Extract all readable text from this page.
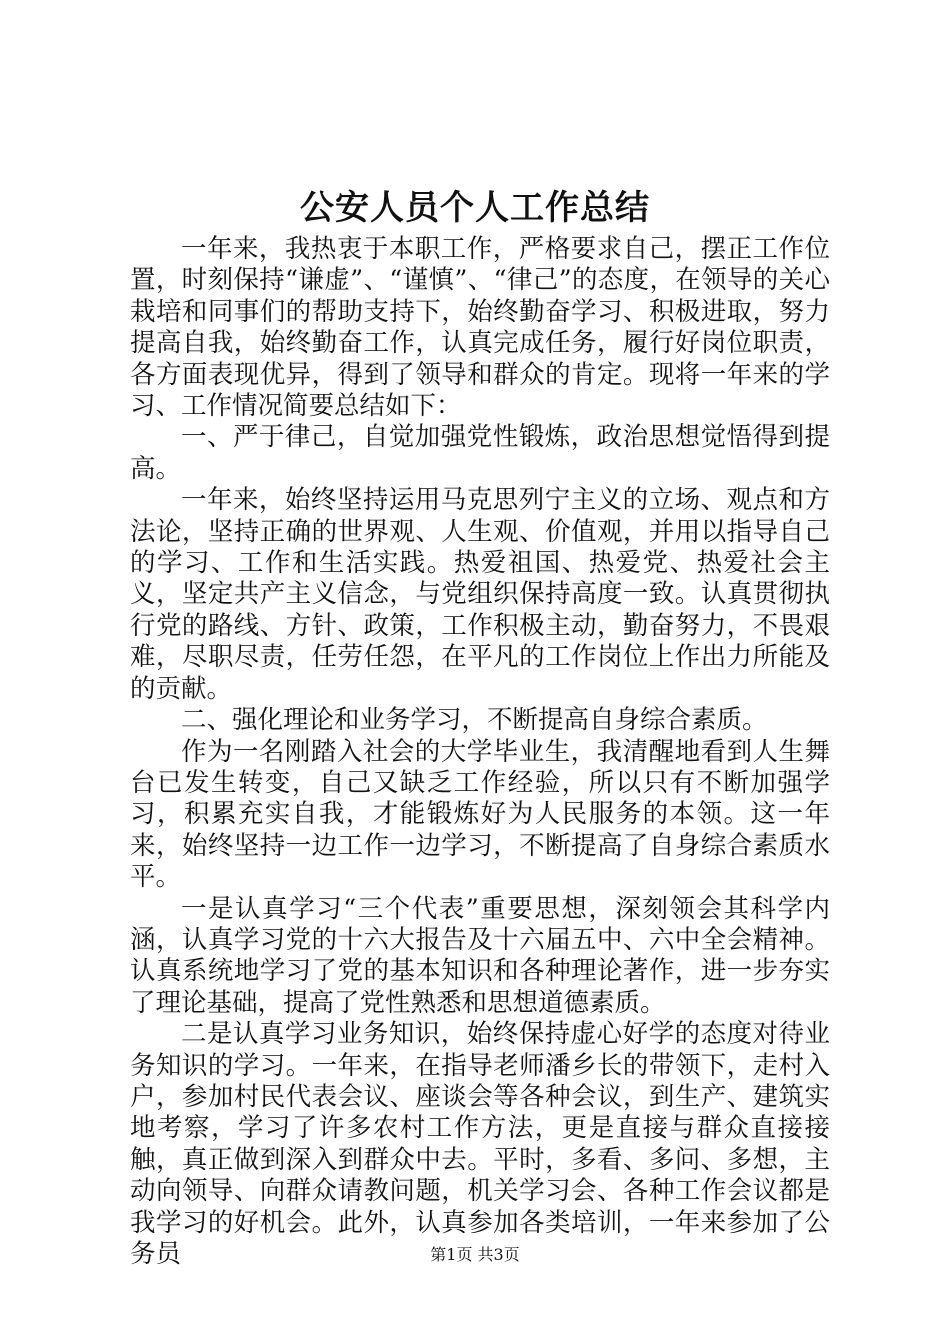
公安人员个人工作总结

一年来，我热衷于本职工作，严格要求自己，摆正工作位置，时刻保持“谦虚”、“谨慎”、“律己”的态度，在领导的关心栽培和同事们的帮助支持下，始终勤奋学习、积极进取，努力提高自我，始终勤奋工作，认真完成任务，履行好岗位职责，各方面表现优异，得到了领导和群众的肯定。现将一年来的学习、工作情况简要总结如下：

一、严于律己，自觉加强党性锻炼，政治思想觉悟得到提高。

一年来，始终坚持运用马克思列宁主义的立场、观点和方法论，坚持正确的世界观、人生观、价值观，并用以指导自己的学习、工作和生活实践。热爱祖国、热爱党、热爱社会主义，坚定共产主义信念，与党组织保持高度一致。认真贯彻执行党的路线、方针、政策，工作积极主动，勤奋努力，不畏艰难，尽职尽责，任劳任怨，在平凡的工作岗位上作出力所能及的贡献。

二、强化理论和业务学习，不断提高自身综合素质。

作为一名刚踏入社会的大学毕业生，我清醒地看到人生舞台已发生转变，自己又缺乏工作经验，所以只有不断加强学习，积累充实自我，才能锻炼好为人民服务的本领。这一年来，始终坚持一边工作一边学习，不断提高了自身综合素质水平。

一是认真学习“三个代表”重要思想，深刻领会其科学内涵，认真学习党的十六大报告及十六届五中、六中全会精神。认真系统地学习了党的基本知识和各种理论著作，进一步夯实了理论基础，提高了党性熟悉和思想道德素质。

二是认真学习业务知识，始终保持虚心好学的态度对待业务知识的学习。一年来，在指导老师潘乡长的带领下，走村入户，参加村民代表会议、座谈会等各种会议，到生产、建筑实地考察，学习了许多农村工作方法，更是直接与群众直接接触，真正做到深入到群众中去。平时，多看、多问、多想，主动向领导、向群众请教问题，机关学习会、各种工作会议都是我学习的好机会。此外，认真参加各类培训，一年来参加了公务员	第1页 共3页
